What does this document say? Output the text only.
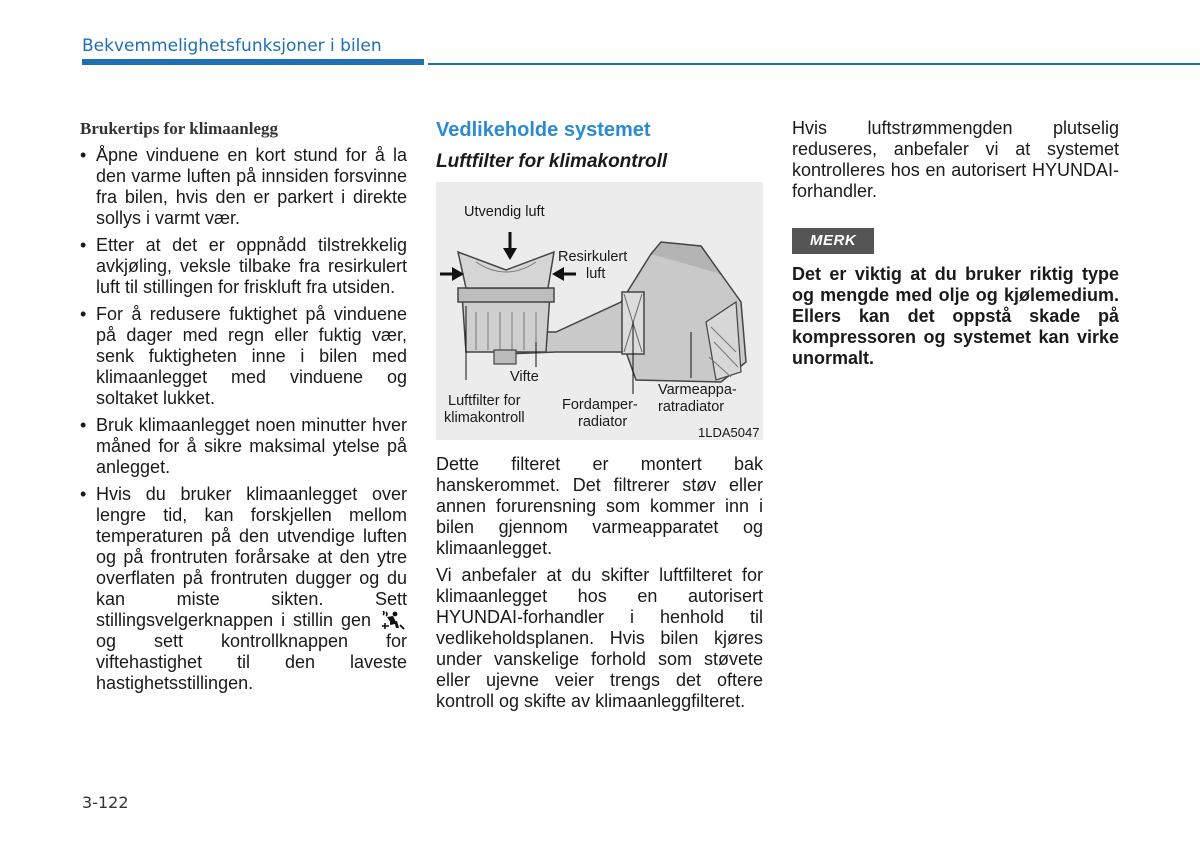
Bekvemmelighetsfunksjoner i bilen
Brukertips for klimaanlegg
• Åpne vinduene en kort stund for å la den varme luften på innsiden forsvinne fra bilen, hvis den er parkert i direkte sollys i varmt vær.
• Etter at det er oppnådd tilstrekkelig avkjøling, veksle tilbake fra resirkulert luft til stillingen for friskluft fra utsiden.
• For å redusere fuktighet på vinduene på dager med regn eller fuktig vær, senk fuktigheten inne i bilen med klimaanlegget med vinduene og soltaket lukket.
• Bruk klimaanlegget noen minutter hver måned for å sikre maksimal ytelse på anlegget.
• Hvis du bruker klimaanlegget over lengre tid, kan forskjellen mellom temperaturen på den utvendige luften og på frontruten forårsake at den ytre overflaten på frontruten dugger og du kan miste sikten. Sett stillingsvelgerknappen i stillin gen  og sett kontrollknappen for viftehastighet til den laveste hastighetsstillingen.
Vedlikeholde systemet
Luftfilter for klimakontroll
Utvendig luft
Resirkulert
luft
Vifte
Luftfilter for
klimakontroll
Fordamper-
radiator
Varmeappa-
ratradiator
1LDA5047

Dette filteret er montert bak hanskerommet. Det filtrerer støv eller annen forurensning som kommer inn i bilen gjennom varmeapparatet og klimaanlegget.

Vi anbefaler at du skifter luftfilteret for klimaanlegget hos en autorisert HYUNDAI-forhandler i henhold til vedlikeholdsplanen. Hvis bilen kjøres under vanskelige forhold som støvete eller ujevne veier trengs det oftere kontroll og skifte av klimaanleggfilteret.

Hvis luftstrømmengden plutselig reduseres, anbefaler vi at systemet kontrolleres hos en autorisert HYUNDAI-forhandler.

MERK

Det er viktig at du bruker riktig type og mengde med olje og kjølemedium. Ellers kan det oppstå skade på kompressoren og systemet kan virke unormalt.

3-122
